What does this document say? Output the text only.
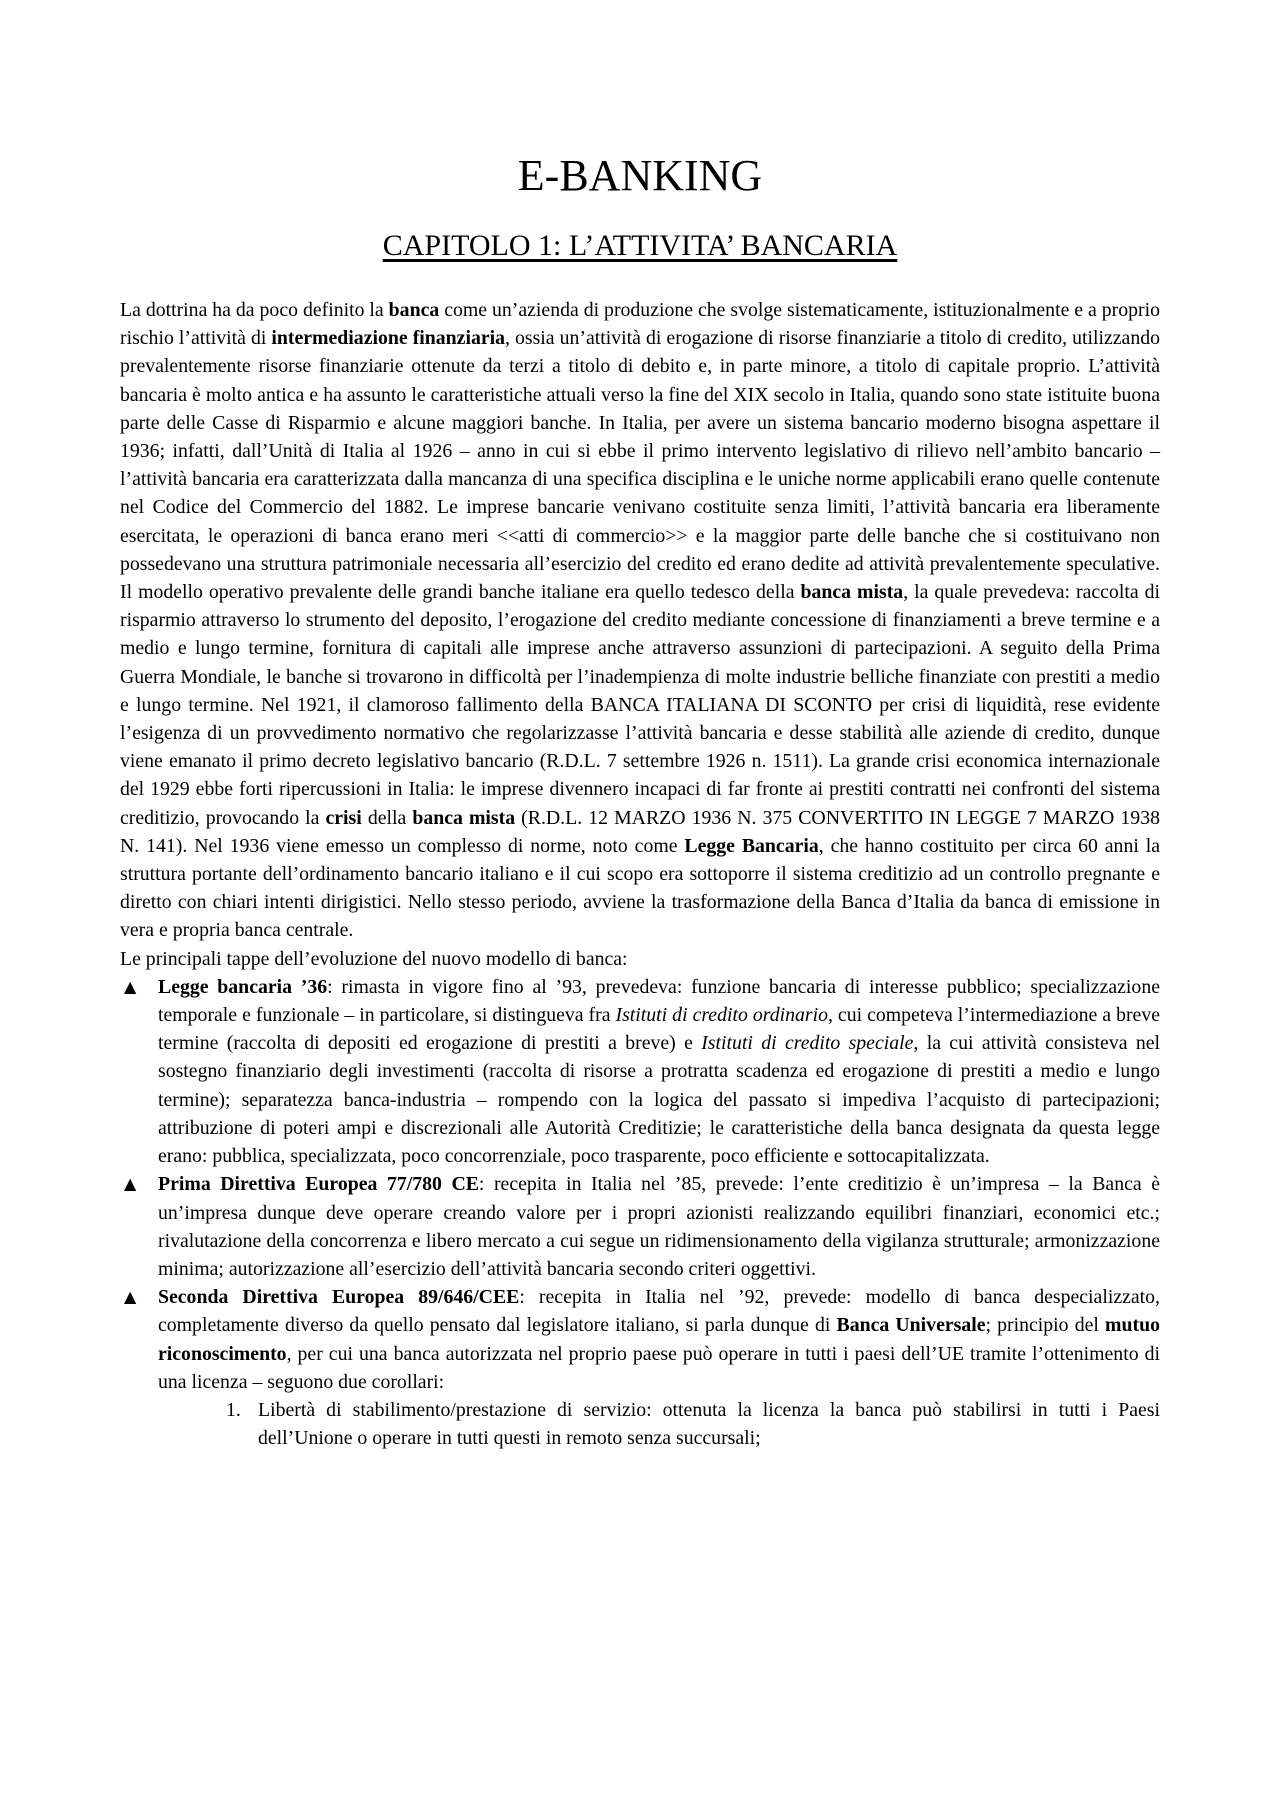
E-BANKING
CAPITOLO 1: L’ATTIVITA’ BANCARIA

La dottrina ha da poco definito la banca come un’azienda di produzione che svolge sistematicamente, istituzionalmente e a proprio rischio l’attività di intermediazione finanziaria, ossia un’attività di erogazione di risorse finanziarie a titolo di credito, utilizzando prevalentemente risorse finanziarie ottenute da terzi a titolo di debito e, in parte minore, a titolo di capitale proprio. L’attività bancaria è molto antica e ha assunto le caratteristiche attuali verso la fine del XIX secolo in Italia, quando sono state istituite buona parte delle Casse di Risparmio e alcune maggiori banche. In Italia, per avere un sistema bancario moderno bisogna aspettare il 1936; infatti, dall’Unità di Italia al 1926 – anno in cui si ebbe il primo intervento legislativo di rilievo nell’ambito bancario – l’attività bancaria era caratterizzata dalla mancanza di una specifica disciplina e le uniche norme applicabili erano quelle contenute nel Codice del Commercio del 1882. Le imprese bancarie venivano costituite senza limiti, l’attività bancaria era liberamente esercitata, le operazioni di banca erano meri <<atti di commercio>> e la maggior parte delle banche che si costituivano non possedevano una struttura patrimoniale necessaria all’esercizio del credito ed erano dedite ad attività prevalentemente speculative. Il modello operativo prevalente delle grandi banche italiane era quello tedesco della banca mista, la quale prevedeva: raccolta di risparmio attraverso lo strumento del deposito, l’erogazione del credito mediante concessione di finanziamenti a breve termine e a medio e lungo termine, fornitura di capitali alle imprese anche attraverso assunzioni di partecipazioni. A seguito della Prima Guerra Mondiale, le banche si trovarono in difficoltà per l’inadempienza di molte industrie belliche finanziate con prestiti a medio e lungo termine. Nel 1921, il clamoroso fallimento della BANCA ITALIANA DI SCONTO per crisi di liquidità, rese evidente l’esigenza di un provvedimento normativo che regolarizzasse l’attività bancaria e desse stabilità alle aziende di credito, dunque viene emanato il primo decreto legislativo bancario (R.D.L. 7 settembre 1926 n. 1511). La grande crisi economica internazionale del 1929 ebbe forti ripercussioni in Italia: le imprese divennero incapaci di far fronte ai prestiti contratti nei confronti del sistema creditizio, provocando la crisi della banca mista (R.D.L. 12 MARZO 1936 N. 375 CONVERTITO IN LEGGE 7 MARZO 1938 N. 141). Nel 1936 viene emesso un complesso di norme, noto come Legge Bancaria, che hanno costituito per circa 60 anni la struttura portante dell’ordinamento bancario italiano e il cui scopo era sottoporre il sistema creditizio ad un controllo pregnante e diretto con chiari intenti dirigistici. Nello stesso periodo, avviene la trasformazione della Banca d’Italia da banca di emissione in vera e propria banca centrale.

Le principali tappe dell’evoluzione del nuovo modello di banca:

▲ Legge bancaria ’36: rimasta in vigore fino al ’93, prevedeva: funzione bancaria di interesse pubblico; specializzazione temporale e funzionale – in particolare, si distingueva fra Istituti di credito ordinario, cui competeva l’intermediazione a breve termine (raccolta di depositi ed erogazione di prestiti a breve) e Istituti di credito speciale, la cui attività consisteva nel sostegno finanziario degli investimenti (raccolta di risorse a protratta scadenza ed erogazione di prestiti a medio e lungo termine); separatezza banca-industria – rompendo con la logica del passato si impediva l’acquisto di partecipazioni; attribuzione di poteri ampi e discrezionali alle Autorità Creditizie; le caratteristiche della banca designata da questa legge erano: pubblica, specializzata, poco concorrenziale, poco trasparente, poco efficiente e sottocapitalizzata.
▲ Prima Direttiva Europea 77/780 CE: recepita in Italia nel ’85, prevede: l’ente creditizio è un’impresa – la Banca è un’impresa dunque deve operare creando valore per i propri azionisti realizzando equilibri finanziari, economici etc.; rivalutazione della concorrenza e libero mercato a cui segue un ridimensionamento della vigilanza strutturale; armonizzazione minima; autorizzazione all’esercizio dell’attività bancaria secondo criteri oggettivi.
▲ Seconda Direttiva Europea 89/646/CEE: recepita in Italia nel ’92, prevede: modello di banca despecializzato, completamente diverso da quello pensato dal legislatore italiano, si parla dunque di Banca Universale; principio del mutuo riconoscimento, per cui una banca autorizzata nel proprio paese può operare in tutti i paesi dell’UE tramite l’ottenimento di una licenza – seguono due corollari:
1. Libertà di stabilimento/prestazione di servizio: ottenuta la licenza la banca può stabilirsi in tutti i Paesi dell’Unione o operare in tutti questi in remoto senza succursali;
